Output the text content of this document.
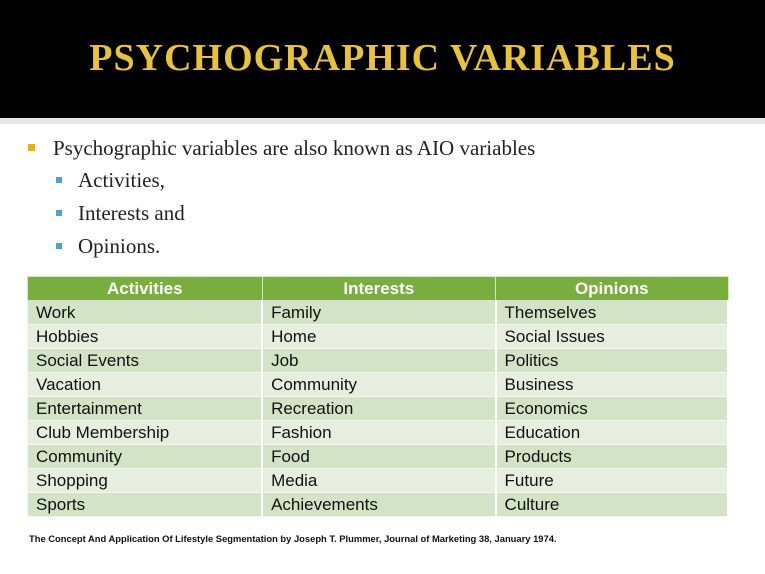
PSYCHOGRAPHIC VARIABLES
Psychographic variables are also known as AIO variables
Activities,
Interests and
Opinions.
Activities	Interests	Opinions
Work	Family	Themselves
Hobbies	Home	Social Issues
Social Events	Job	Politics
Vacation	Community	Business
Entertainment	Recreation	Economics
Club Membership	Fashion	Education
Community	Food	Products
Shopping	Media	Future
Sports	Achievements	Culture
The Concept And Application Of Lifestyle Segmentation by Joseph T. Plummer, Journal of Marketing 38, January 1974.
